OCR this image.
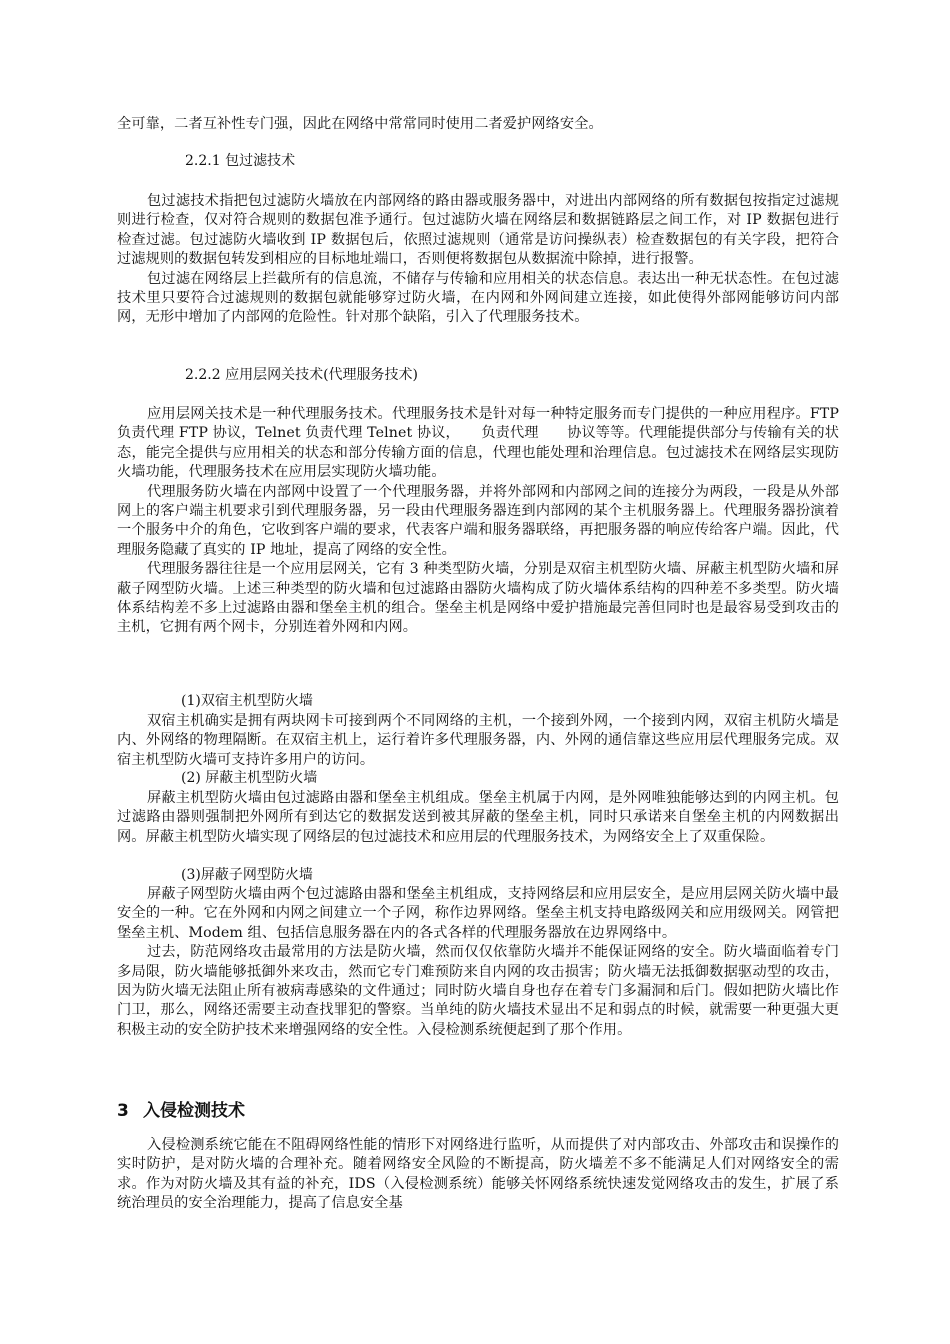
全可靠，二者互补性专门强，因此在网络中常常同时使用二者爱护网络安全。

2.2.1 包过滤技术

包过滤技术指把包过滤防火墙放在内部网络的路由器或服务器中，对进出内部网络的所有数据包按指定过滤规则进行检查，仅对符合规则的数据包准予通行。包过滤防火墙在网络层和数据链路层之间工作，对 IP 数据包进行检查过滤。包过滤防火墙收到 IP 数据包后，依照过滤规则（通常是访问操纵表）检查数据包的有关字段，把符合过滤规则的数据包转发到相应的目标地址端口，否则便将数据包从数据流中除掉，进行报警。

包过滤在网络层上拦截所有的信息流，不储存与传输和应用相关的状态信息。表达出一种无状态性。在包过滤技术里只要符合过滤规则的数据包就能够穿过防火墙，在内网和外网间建立连接，如此使得外部网能够访问内部网，无形中增加了内部网的危险性。针对那个缺陷，引入了代理服务技术。

2.2.2 应用层网关技术(代理服务技术)

应用层网关技术是一种代理服务技术。代理服务技术是针对每一种特定服务而专门提供的一种应用程序。FTP 负责代理 FTP 协议，Telnet 负责代理 Telnet 协议，　　负责代理　　协议等等。代理能提供部分与传输有关的状态，能完全提供与应用相关的状态和部分传输方面的信息，代理也能处理和治理信息。包过滤技术在网络层实现防火墙功能，代理服务技术在应用层实现防火墙功能。

代理服务防火墙在内部网中设置了一个代理服务器，并将外部网和内部网之间的连接分为两段，一段是从外部网上的客户端主机要求引到代理服务器，另一段由代理服务器连到内部网的某个主机服务器上。代理服务器扮演着一个服务中介的角色，它收到客户端的要求，代表客户端和服务器联络，再把服务器的响应传给客户端。因此，代理服务隐藏了真实的 IP 地址，提高了网络的安全性。

代理服务器往往是一个应用层网关，它有 3 种类型防火墙，分别是双宿主机型防火墙、屏蔽主机型防火墙和屏蔽子网型防火墙。上述三种类型的防火墙和包过滤路由器防火墙构成了防火墙体系结构的四种差不多类型。防火墙体系结构差不多上过滤路由器和堡垒主机的组合。堡垒主机是网络中爱护措施最完善但同时也是最容易受到攻击的主机，它拥有两个网卡，分别连着外网和内网。

(1)双宿主机型防火墙

双宿主机确实是拥有两块网卡可接到两个不同网络的主机，一个接到外网，一个接到内网，双宿主机防火墙是内、外网络的物理隔断。在双宿主机上，运行着许多代理服务器，内、外网的通信靠这些应用层代理服务完成。双宿主机型防火墙可支持许多用户的访问。

(2) 屏蔽主机型防火墙

屏蔽主机型防火墙由包过滤路由器和堡垒主机组成。堡垒主机属于内网，是外网唯独能够达到的内网主机。包过滤路由器则强制把外网所有到达它的数据发送到被其屏蔽的堡垒主机，同时只承诺来自堡垒主机的内网数据出网。屏蔽主机型防火墙实现了网络层的包过滤技术和应用层的代理服务技术，为网络安全上了双重保险。

(3)屏蔽子网型防火墙

屏蔽子网型防火墙由两个包过滤路由器和堡垒主机组成，支持网络层和应用层安全，是应用层网关防火墙中最安全的一种。它在外网和内网之间建立一个子网，称作边界网络。堡垒主机支持电路级网关和应用级网关。网管把堡垒主机、Modem 组、包括信息服务器在内的各式各样的代理服务器放在边界网络中。

过去，防范网络攻击最常用的方法是防火墙，然而仅仅依靠防火墙并不能保证网络的安全。防火墙面临着专门多局限，防火墙能够抵御外来攻击，然而它专门难预防来自内网的攻击损害；防火墙无法抵御数据驱动型的攻击，因为防火墙无法阻止所有被病毒感染的文件通过；同时防火墙自身也存在着专门多漏洞和后门。假如把防火墙比作门卫，那么，网络还需要主动查找罪犯的警察。当单纯的防火墙技术显出不足和弱点的时候，就需要一种更强大更积极主动的安全防护技术来增强网络的安全性。入侵检测系统便起到了那个作用。

3 入侵检测技术

入侵检测系统它能在不阻碍网络性能的情形下对网络进行监听，从而提供了对内部攻击、外部攻击和误操作的实时防护，是对防火墙的合理补充。随着网络安全风险的不断提高，防火墙差不多不能满足人们对网络安全的需求。作为对防火墙及其有益的补充，IDS（入侵检测系统）能够关怀网络系统快速发觉网络攻击的发生，扩展了系统治理员的安全治理能力，提高了信息安全基
